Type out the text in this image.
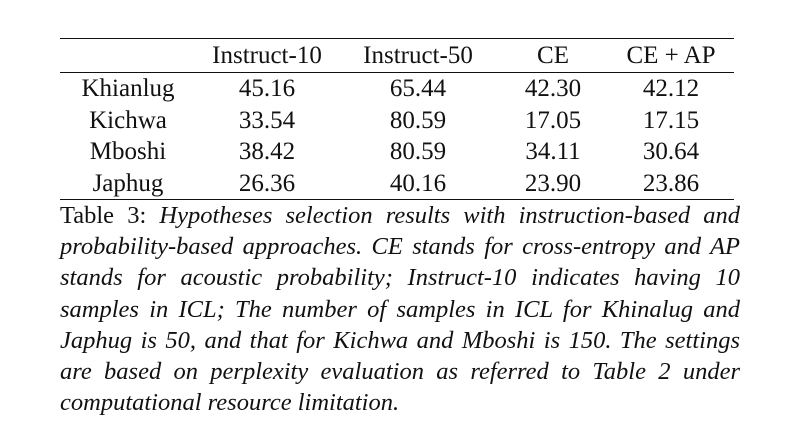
	Instruct-10	Instruct-50	CE	CE + AP
Khianlug	45.16	65.44	42.30	42.12
Kichwa	33.54	80.59	17.05	17.15
Mboshi	38.42	80.59	34.11	30.64
Japhug	26.36	40.16	23.90	23.86

Table 3: Hypotheses selection results with instruction-based and probability-based approaches. CE stands for cross-entropy and AP stands for acoustic probability; Instruct-10 indicates having 10 samples in ICL; The number of samples in ICL for Khinalug and Japhug is 50, and that for Kichwa and Mboshi is 150. The settings are based on perplexity evaluation as referred to Table 2 under computational resource limitation.
